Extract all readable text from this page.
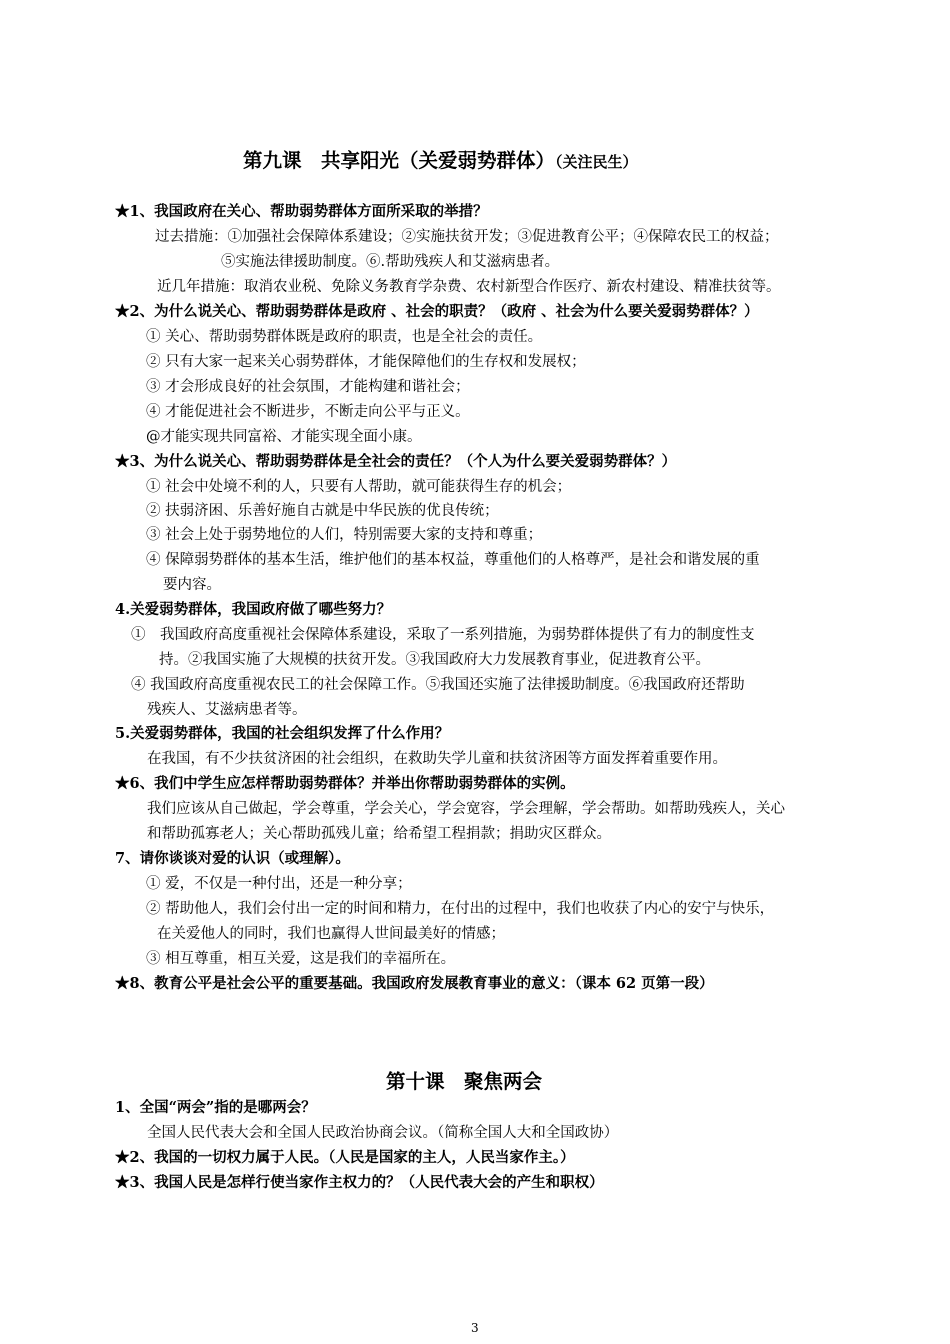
第九课　共享阳光（关爱弱势群体）（关注民生）
★1、我国政府在关心、帮助弱势群体方面所采取的举措？
过去措施：①加强社会保障体系建设；②实施扶贫开发；③促进教育公平；④保障农民工的权益；
⑤实施法律援助制度。⑥.帮助残疾人和艾滋病患者。
近几年措施：取消农业税、免除义务教育学杂费、农村新型合作医疗、新农村建设、精准扶贫等。
★2、为什么说关心、帮助弱势群体是政府 、社会的职责？（政府 、社会为什么要关爱弱势群体？）
① 关心、帮助弱势群体既是政府的职责，也是全社会的责任。
② 只有大家一起来关心弱势群体，才能保障他们的生存权和发展权；
③ 才会形成良好的社会氛围，才能构建和谐社会；
④ 才能促进社会不断进步，不断走向公平与正义。
@才能实现共同富裕、才能实现全面小康。
★3、为什么说关心、帮助弱势群体是全社会的责任？（个人为什么要关爱弱势群体？）
① 社会中处境不利的人，只要有人帮助，就可能获得生存的机会；
② 扶弱济困、乐善好施自古就是中华民族的优良传统；
③ 社会上处于弱势地位的人们，特别需要大家的支持和尊重；
④ 保障弱势群体的基本生活，维护他们的基本权益，尊重他们的人格尊严，是社会和谐发展的重
要内容。
4.关爱弱势群体，我国政府做了哪些努力？
①　我国政府高度重视社会保障体系建设，采取了一系列措施，为弱势群体提供了有力的制度性支
持。②我国实施了大规模的扶贫开发。③我国政府大力发展教育事业，促进教育公平。
④ 我国政府高度重视农民工的社会保障工作。⑤我国还实施了法律援助制度。⑥我国政府还帮助
残疾人、艾滋病患者等。
5.关爱弱势群体，我国的社会组织发挥了什么作用？
在我国，有不少扶贫济困的社会组织，在救助失学儿童和扶贫济困等方面发挥着重要作用。
★6、我们中学生应怎样帮助弱势群体？并举出你帮助弱势群体的实例。
我们应该从自己做起，学会尊重，学会关心，学会宽容，学会理解，学会帮助。如帮助残疾人，关心
和帮助孤寡老人；关心帮助孤残儿童；给希望工程捐款；捐助灾区群众。
7、请你谈谈对爱的认识（或理解）。
① 爱，不仅是一种付出，还是一种分享；
② 帮助他人，我们会付出一定的时间和精力，在付出的过程中，我们也收获了内心的安宁与快乐，
在关爱他人的同时，我们也赢得人世间最美好的情感；
③ 相互尊重，相互关爱，这是我们的幸福所在。
★8、教育公平是社会公平的重要基础。我国政府发展教育事业的意义：（课本 62 页第一段）
第十课　聚焦两会
1、全国“两会”指的是哪两会？
全国人民代表大会和全国人民政治协商会议。（简称全国人大和全国政协）
★2、我国的一切权力属于人民。（人民是国家的主人，人民当家作主。）
★3、我国人民是怎样行使当家作主权力的？（人民代表大会的产生和职权）
3
